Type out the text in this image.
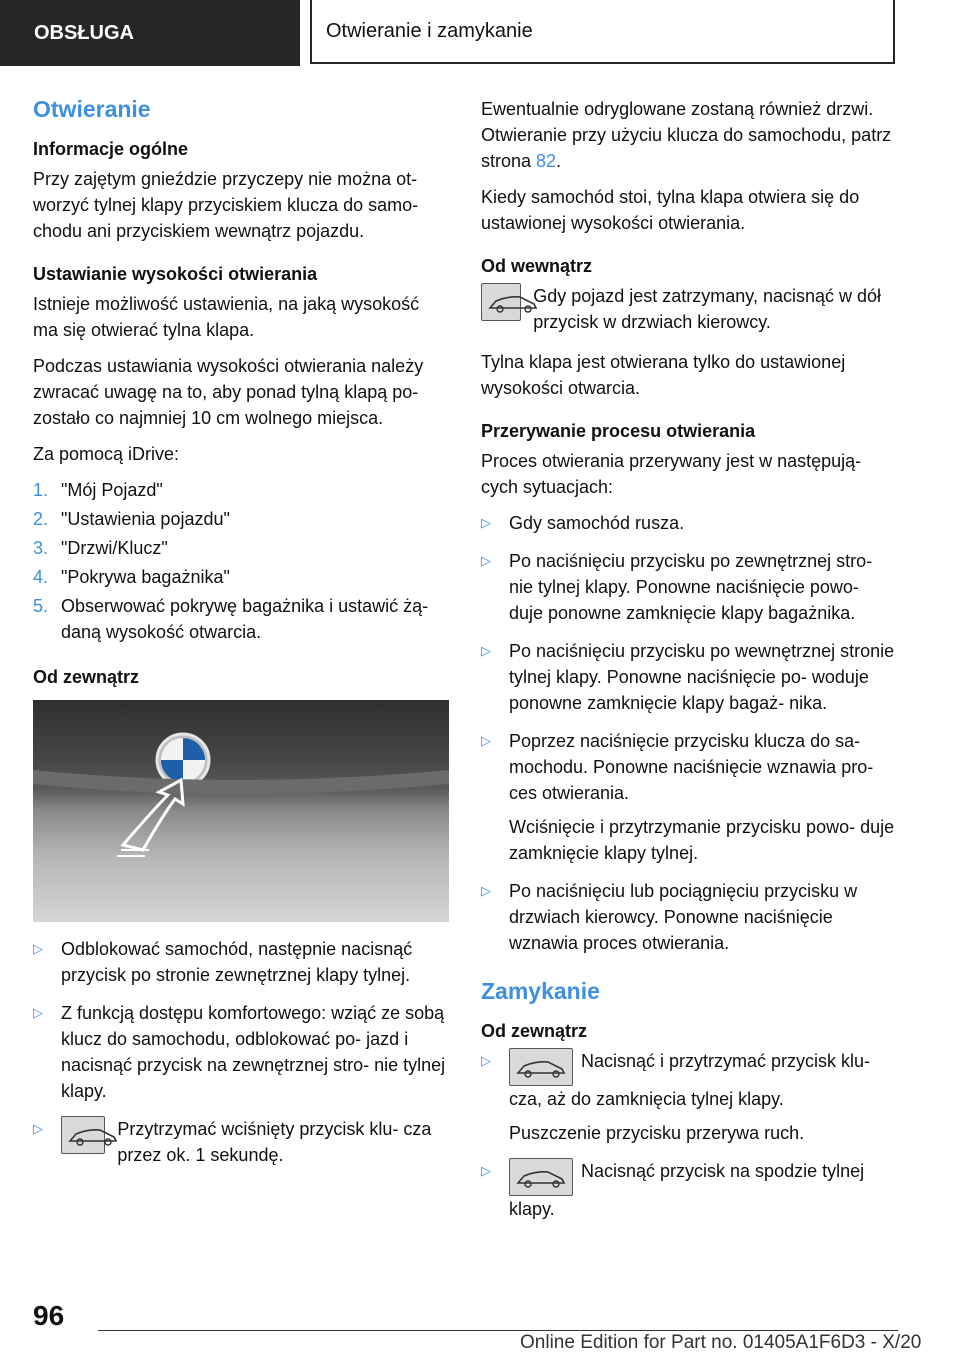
OBSŁUGA	Otwieranie i zamykanie
Otwieranie
Informacje ogólne

Przy zajętym gnieździe przyczepy nie można ot- worzyć tylnej klapy przyciskiem klucza do samo- chodu ani przyciskiem wewnątrz pojazdu.

Ustawianie wysokości otwierania

Istnieje możliwość ustawienia, na jaką wysokość ma się otwierać tylna klapa.

Podczas ustawiania wysokości otwierania należy zwracać uwagę na to, aby ponad tylną klapą po- zostało co najmniej 10 cm wolnego miejsca.

Za pomocą iDrive:

1. "Mój Pojazd"
2. "Ustawienia pojazdu"
3. "Drzwi/Klucz"
4. "Pokrywa bagażnika"
5. Obserwować pokrywę bagażnika i ustawić żą- daną wysokość otwarcia.
Od zewnątrz
▷ Odblokować samochód, następnie nacisnąć przycisk po stronie zewnętrznej klapy tylnej.
▷ Z funkcją dostępu komfortowego: wziąć ze sobą klucz do samochodu, odblokować po- jazd i nacisnąć przycisk na zewnętrznej stro- nie tylnej klapy.
▷	Przytrzymać wciśnięty przycisk klu- cza przez ok. 1 sekundę.

Ewentualnie odryglowane zostaną również drzwi. Otwieranie przy użyciu klucza do samochodu, patrz strona 82.

Kiedy samochód stoi, tylna klapa otwiera się do ustawionej wysokości otwierania.

Od wewnątrz

Gdy pojazd jest zatrzymany, nacisnąć w dół przycisk w drzwiach kierowcy.

Tylna klapa jest otwierana tylko do ustawionej wysokości otwarcia.

Przerywanie procesu otwierania

Proces otwierania przerywany jest w następują- cych sytuacjach:

▷ Gdy samochód rusza.
▷ Po naciśnięciu przycisku po zewnętrznej stro- nie tylnej klapy. Ponowne naciśnięcie powo- duje ponowne zamknięcie klapy bagażnika.
▷ Po naciśnięciu przycisku po wewnętrznej stronie tylnej klapy. Ponowne naciśnięcie po- woduje ponowne zamknięcie klapy bagaż- nika.
▷ Poprzez naciśnięcie przycisku klucza do sa- mochodu. Ponowne naciśnięcie wznawia pro- ces otwierania.

Wciśnięcie i przytrzymanie przycisku powo- duje zamknięcie klapy tylnej.

▷ Po naciśnięciu lub pociągnięciu przycisku w drzwiach kierowcy. Ponowne naciśnięcie wznawia proces otwierania.
Zamykanie
Od zewnątrz
▷	Nacisnąć i przytrzymać przycisk klu- cza, aż do zamknięcia tylnej klapy.

Puszczenie przycisku przerywa ruch.

▷	Nacisnąć przycisk na spodzie tylnej klapy.
96
Online Edition for Part no. 01405A1F6D3 - X/20
